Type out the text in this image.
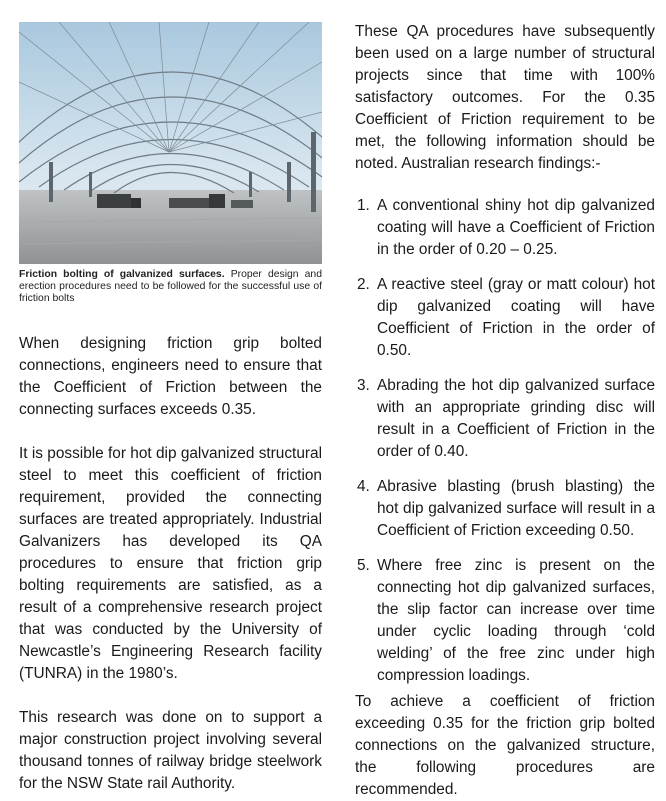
Friction bolting of galvanized surfaces. Proper design and erection procedures need to be followed for the successful use of friction bolts

When designing friction grip bolted connections, engineers need to ensure that the Coefficient of Friction between the connecting surfaces exceeds 0.35.

It is possible for hot dip galvanized structural steel to meet this coefficient of friction requirement, provided the connecting surfaces are treated appropriately. Industrial Galvanizers has developed its QA procedures to ensure that friction grip bolting requirements are satisfied, as a result of a comprehensive research project that was conducted by the University of Newcastle’s Engineering Research facility (TUNRA) in the 1980’s.

This research was done on to support a major construction project involving several thousand tonnes of railway bridge steelwork for the NSW State rail Authority.

These QA procedures have subsequently been used on a large number of structural projects since that time with 100% satisfactory outcomes. For the 0.35 Coefficient of Friction requirement to be met, the following information should be noted. Australian research findings:-

1. A conventional shiny hot dip galvanized coating will have a Coefficient of Friction in the order of 0.20 – 0.25.
2. A reactive steel (gray or matt colour) hot dip galvanized coating will have Coefficient of Friction in the order of 0.50.
3. Abrading the hot dip galvanized surface with an appropriate grinding disc will result in a Coefficient of Friction in the order of 0.40.
4. Abrasive blasting (brush blasting) the hot dip galvanized surface will result in a Coefficient of Friction exceeding 0.50.
5. Where free zinc is present on the connecting hot dip galvanized surfaces, the slip factor can increase over time under cyclic loading through ‘cold welding’ of the free zinc under high compression loadings.

To achieve a coefficient of friction exceeding 0.35 for the friction grip bolted connections on the galvanized structure, the following procedures are recommended.
